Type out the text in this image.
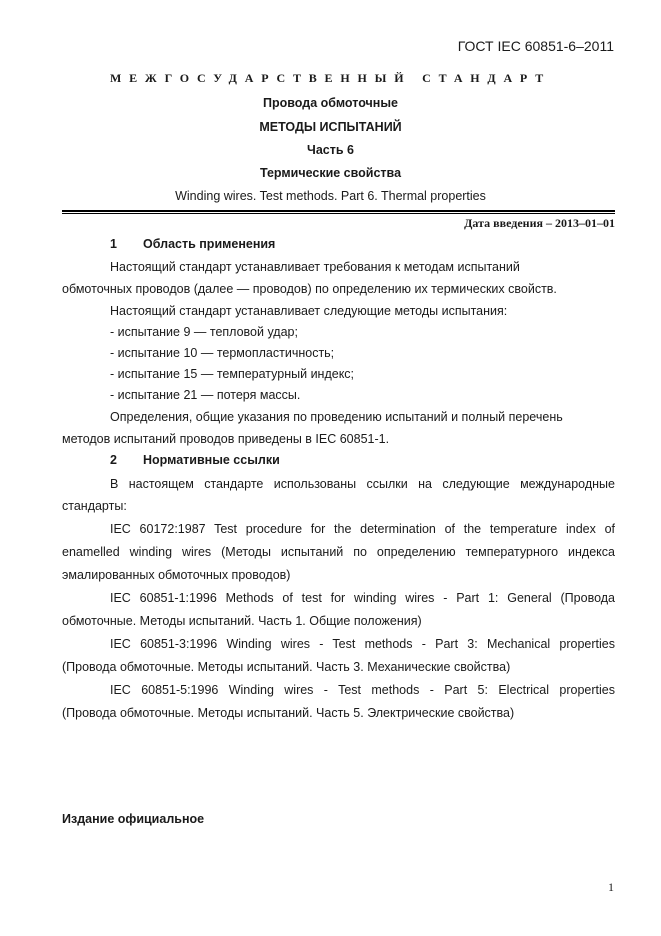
ГОСТ IEC 60851-6–2011
МЕЖГОСУДАРСТВЕННЫЙ СТАНДАРТ
Провода обмоточные
МЕТОДЫ ИСПЫТАНИЙ
Часть 6
Термические свойства
Winding wires. Test methods. Part 6. Thermal properties
Дата введения – 2013–01–01
1 Область применения
Настоящий стандарт устанавливает требования к методам испытаний
обмоточных проводов (далее — проводов) по определению их термических свойств.
Настоящий стандарт устанавливает следующие методы испытания:
- испытание 9 — тепловой удар;
- испытание 10 — термопластичность;
- испытание 15 — температурный индекс;
- испытание 21 — потеря массы.
Определения, общие указания по проведению испытаний и полный перечень
методов испытаний проводов приведены в IEC 60851-1.
2 Нормативные ссылки
В настоящем стандарте использованы ссылки на следующие международные
стандарты:
IEC 60172:1987 Test procedure for the determination of the temperature index of
enamelled winding wires (Методы испытаний по определению температурного индекса
эмалированных обмоточных проводов)
IEC 60851-1:1996 Methods of test for winding wires - Part 1: General (Провода
обмоточные. Методы испытаний. Часть 1. Общие положения)
IEC 60851-3:1996 Winding wires - Test methods - Part 3: Mechanical properties
(Провода обмоточные. Методы испытаний. Часть 3. Механические свойства)
IEC 60851-5:1996 Winding wires - Test methods - Part 5: Electrical properties
(Провода обмоточные. Методы испытаний. Часть 5. Электрические свойства)
Издание официальное
1
